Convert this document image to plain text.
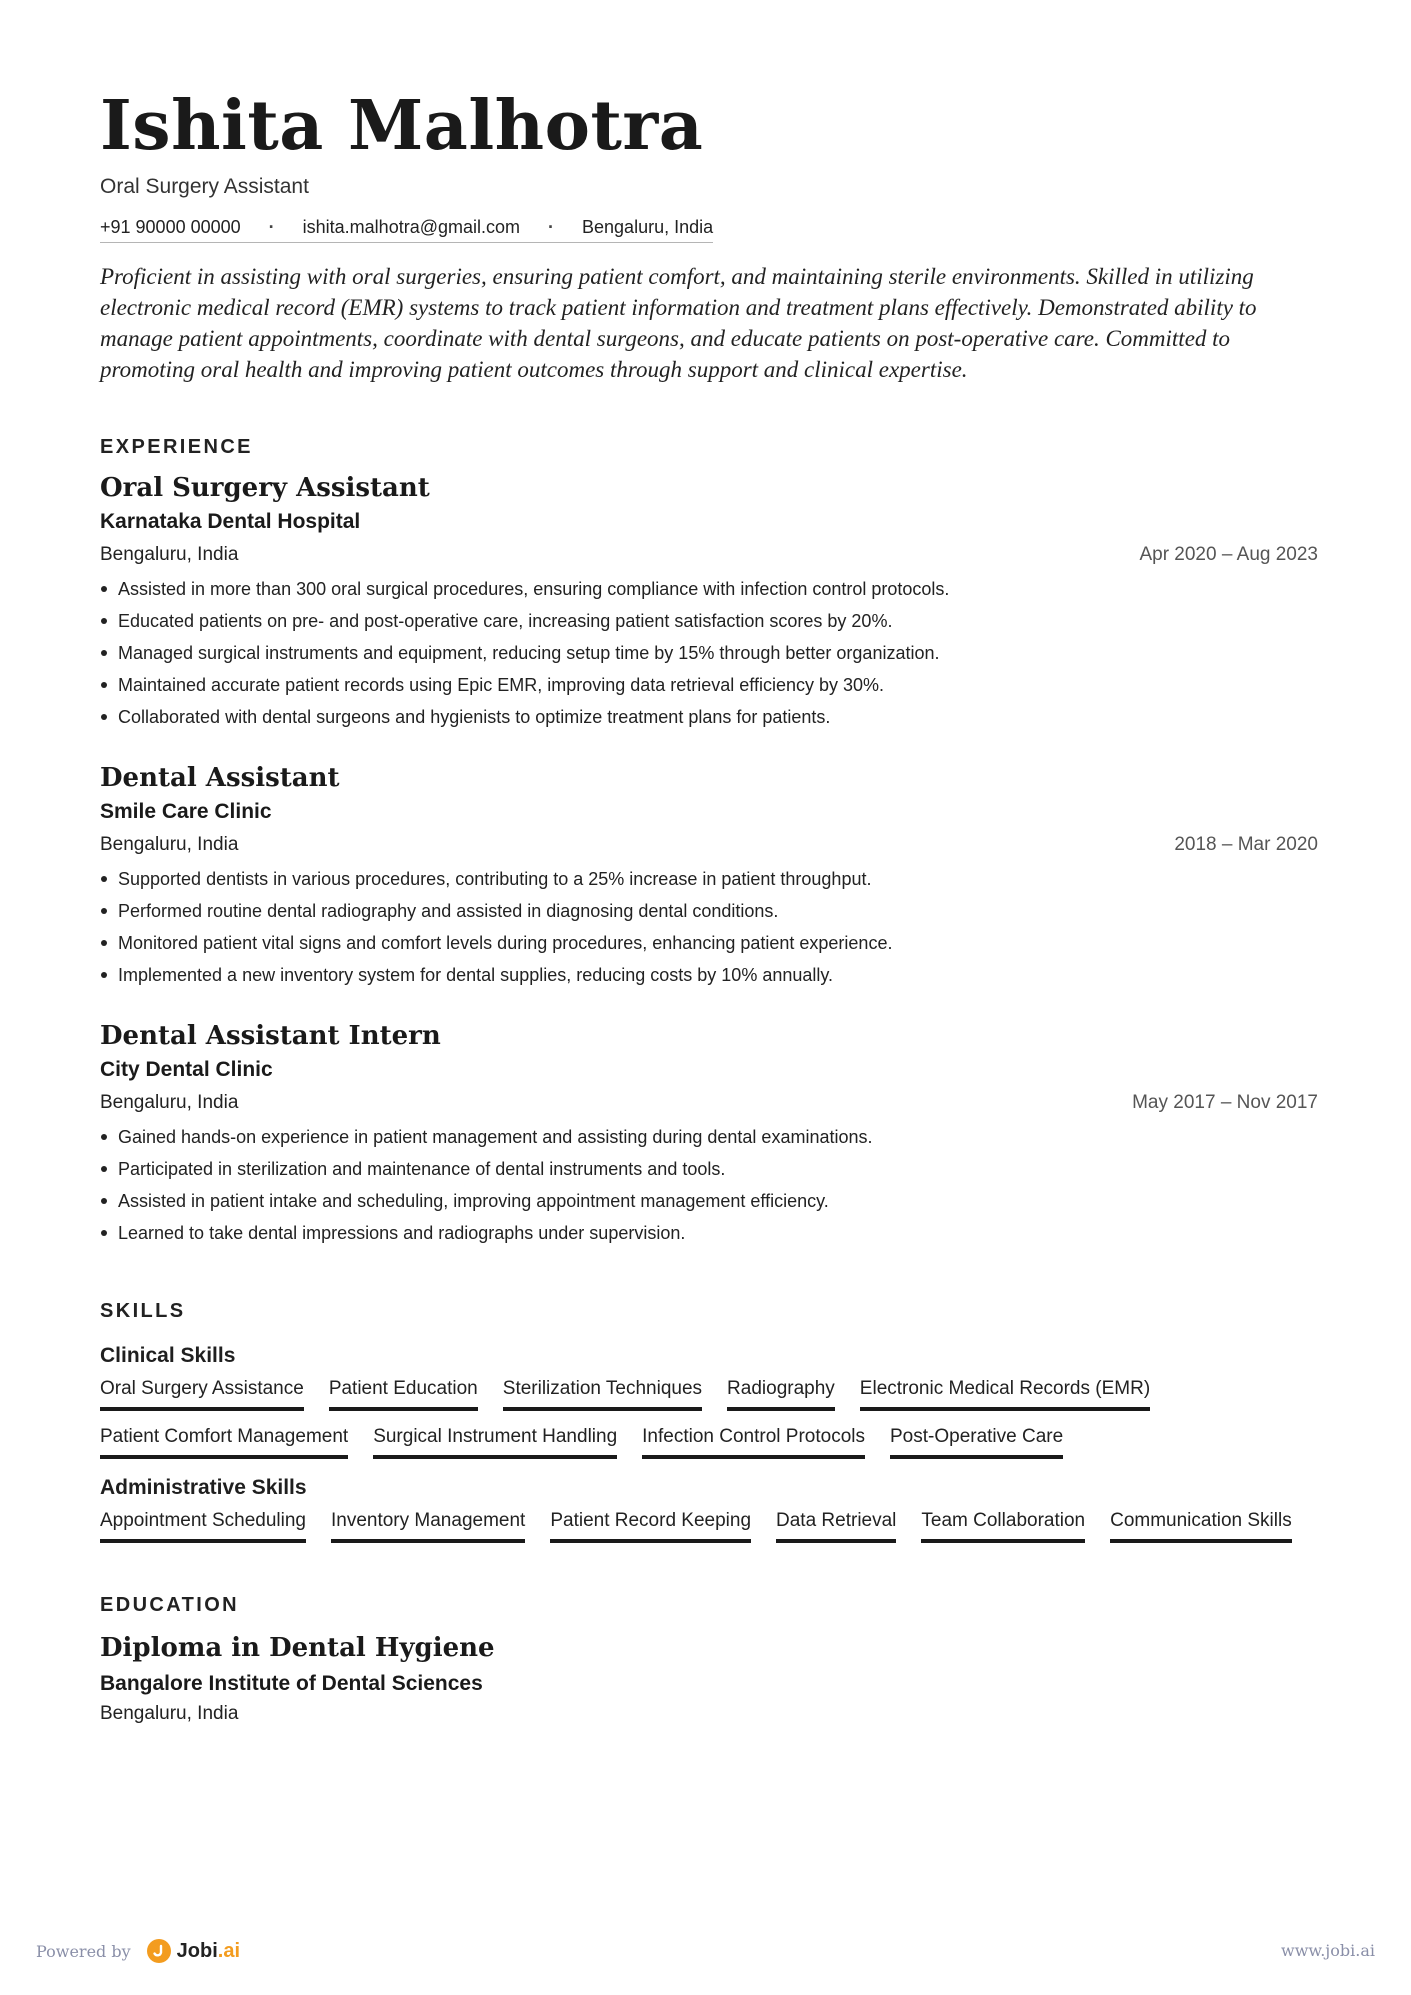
Ishita Malhotra
Oral Surgery Assistant
+91 90000 00000 · ishita.malhotra@gmail.com · Bengaluru, India
Proficient in assisting with oral surgeries, ensuring patient comfort, and maintaining sterile environments. Skilled in utilizing electronic medical record (EMR) systems to track patient information and treatment plans effectively. Demonstrated ability to manage patient appointments, coordinate with dental surgeons, and educate patients on post-operative care. Committed to promoting oral health and improving patient outcomes through support and clinical expertise.
EXPERIENCE
Oral Surgery Assistant
Karnataka Dental Hospital
Bengaluru, India	Apr 2020 – Aug 2023
Assisted in more than 300 oral surgical procedures, ensuring compliance with infection control protocols.
Educated patients on pre- and post-operative care, increasing patient satisfaction scores by 20%.
Managed surgical instruments and equipment, reducing setup time by 15% through better organization.
Maintained accurate patient records using Epic EMR, improving data retrieval efficiency by 30%.
Collaborated with dental surgeons and hygienists to optimize treatment plans for patients.
Dental Assistant
Smile Care Clinic
Bengaluru, India	2018 – Mar 2020
Supported dentists in various procedures, contributing to a 25% increase in patient throughput.
Performed routine dental radiography and assisted in diagnosing dental conditions.
Monitored patient vital signs and comfort levels during procedures, enhancing patient experience.
Implemented a new inventory system for dental supplies, reducing costs by 10% annually.
Dental Assistant Intern
City Dental Clinic
Bengaluru, India	May 2017 – Nov 2017
Gained hands-on experience in patient management and assisting during dental examinations.
Participated in sterilization and maintenance of dental instruments and tools.
Assisted in patient intake and scheduling, improving appointment management efficiency.
Learned to take dental impressions and radiographs under supervision.
SKILLS
Clinical Skills
Oral Surgery Assistance Patient Education Sterilization Techniques Radiography Electronic Medical Records (EMR)
Patient Comfort Management Surgical Instrument Handling Infection Control Protocols Post-Operative Care
Administrative Skills
Appointment Scheduling Inventory Management Patient Record Keeping Data Retrieval Team Collaboration Communication Skills
EDUCATION
Diploma in Dental Hygiene
Bangalore Institute of Dental Sciences
Bengaluru, India
Powered by Jobi.ai	www.jobi.ai
